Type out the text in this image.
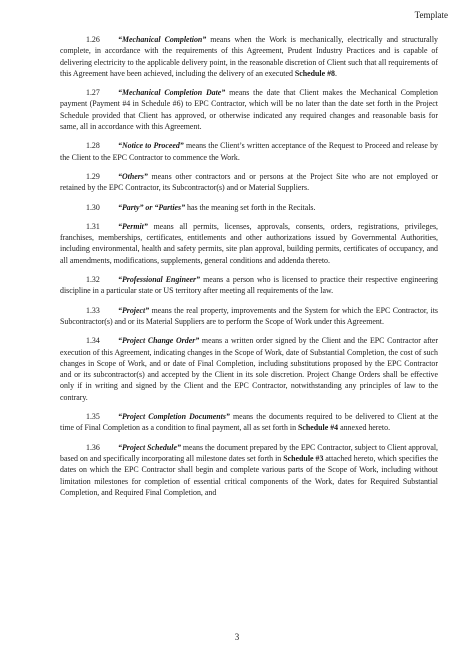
Template

1.26 “Mechanical Completion” means when the Work is mechanically, electrically and structurally complete, in accordance with the requirements of this Agreement, Prudent Industry Practices and is capable of delivering electricity to the applicable delivery point, in the reasonable discretion of Client such that all requirements of this Agreement have been achieved, including the delivery of an executed Schedule #8.

1.27 “Mechanical Completion Date” means the date that Client makes the Mechanical Completion payment (Payment #4 in Schedule #6) to EPC Contractor, which will be no later than the date set forth in the Project Schedule provided that Client has approved, or otherwise indicated any required changes and reasonable basis for same, all in accordance with this Agreement.

1.28 “Notice to Proceed” means the Client’s written acceptance of the Request to Proceed and release by the Client to the EPC Contractor to commence the Work.

1.29 “Others” means other contractors and or persons at the Project Site who are not employed or retained by the EPC Contractor, its Subcontractor(s) and or Material Suppliers.

1.30 “Party” or “Parties” has the meaning set forth in the Recitals.

1.31 “Permit” means all permits, licenses, approvals, consents, orders, registrations, privileges, franchises, memberships, certificates, entitlements and other authorizations issued by Governmental Authorities, including environmental, health and safety permits, site plan approval, building permits, certificates of occupancy, and all amendments, modifications, supplements, general conditions and addenda thereto.

1.32 “Professional Engineer” means a person who is licensed to practice their respective engineering discipline in a particular state or US territory after meeting all requirements of the law.

1.33 “Project” means the real property, improvements and the System for which the EPC Contractor, its Subcontractor(s) and or its Material Suppliers are to perform the Scope of Work under this Agreement.

1.34 “Project Change Order” means a written order signed by the Client and the EPC Contractor after execution of this Agreement, indicating changes in the Scope of Work, date of Substantial Completion, the cost of such changes in Scope of Work, and or date of Final Completion, including substitutions proposed by the EPC Contractor and or its subcontractor(s) and accepted by the Client in its sole discretion. Project Change Orders shall be effective only if in writing and signed by the Client and the EPC Contractor, notwithstanding any principles of law to the contrary.

1.35 “Project Completion Documents” means the documents required to be delivered to Client at the time of Final Completion as a condition to final payment, all as set forth in Schedule #4 annexed hereto.

1.36 “Project Schedule” means the document prepared by the EPC Contractor, subject to Client approval, based on and specifically incorporating all milestone dates set forth in Schedule #3 attached hereto, which specifies the dates on which the EPC Contractor shall begin and complete various parts of the Scope of Work, including without limitation milestones for completion of essential critical components of the Work, dates for Required Substantial Completion, and Required Final Completion, and

3
